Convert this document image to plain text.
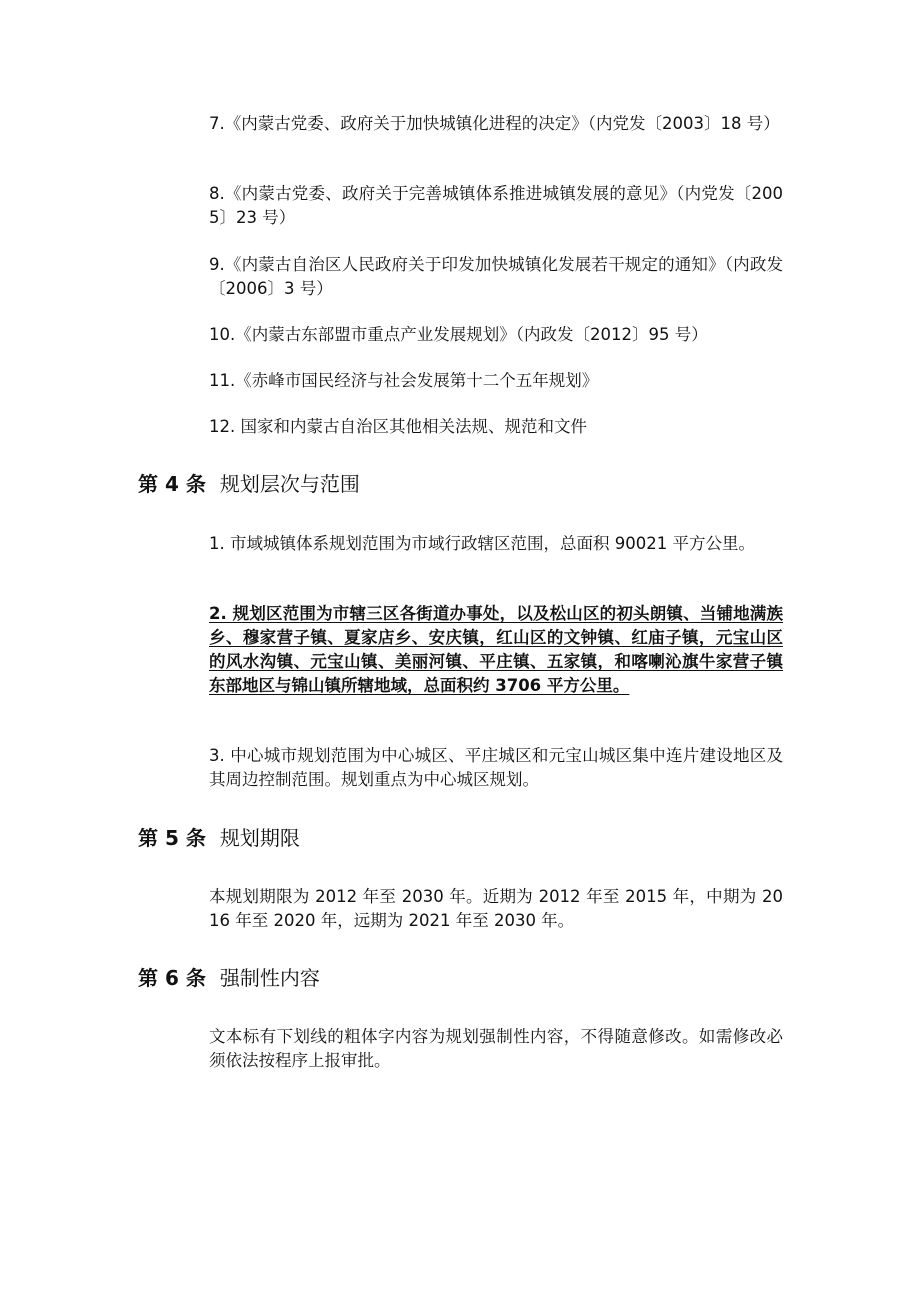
7.《内蒙古党委、政府关于加快城镇化进程的决定》（内党发〔2003〕18 号）

8.《内蒙古党委、政府关于完善城镇体系推进城镇发展的意见》（内党发〔2005〕23 号）

9.《内蒙古自治区人民政府关于印发加快城镇化发展若干规定的通知》（内政发〔2006〕3 号）

10.《内蒙古东部盟市重点产业发展规划》（内政发〔2012〕95 号）

11.《赤峰市国民经济与社会发展第十二个五年规划》

12. 国家和内蒙古自治区其他相关法规、规范和文件

第 4 条 规划层次与范围

1. 市域城镇体系规划范围为市域行政辖区范围，总面积 90021 平方公里。

2. 规划区范围为市辖三区各街道办事处，以及松山区的初头朗镇、当铺地满族乡、穆家营子镇、夏家店乡、安庆镇，红山区的文钟镇、红庙子镇，元宝山区的风水沟镇、元宝山镇、美丽河镇、平庄镇、五家镇，和喀喇沁旗牛家营子镇东部地区与锦山镇所辖地域，总面积约 3706 平方公里。

3. 中心城市规划范围为中心城区、平庄城区和元宝山城区集中连片建设地区及其周边控制范围。规划重点为中心城区规划。

第 5 条 规划期限

本规划期限为 2012 年至 2030 年。近期为 2012 年至 2015 年，中期为 2016 年至 2020 年，远期为 2021 年至 2030 年。

第 6 条 强制性内容

文本标有下划线的粗体字内容为规划强制性内容，不得随意修改。如需修改必须依法按程序上报审批。
